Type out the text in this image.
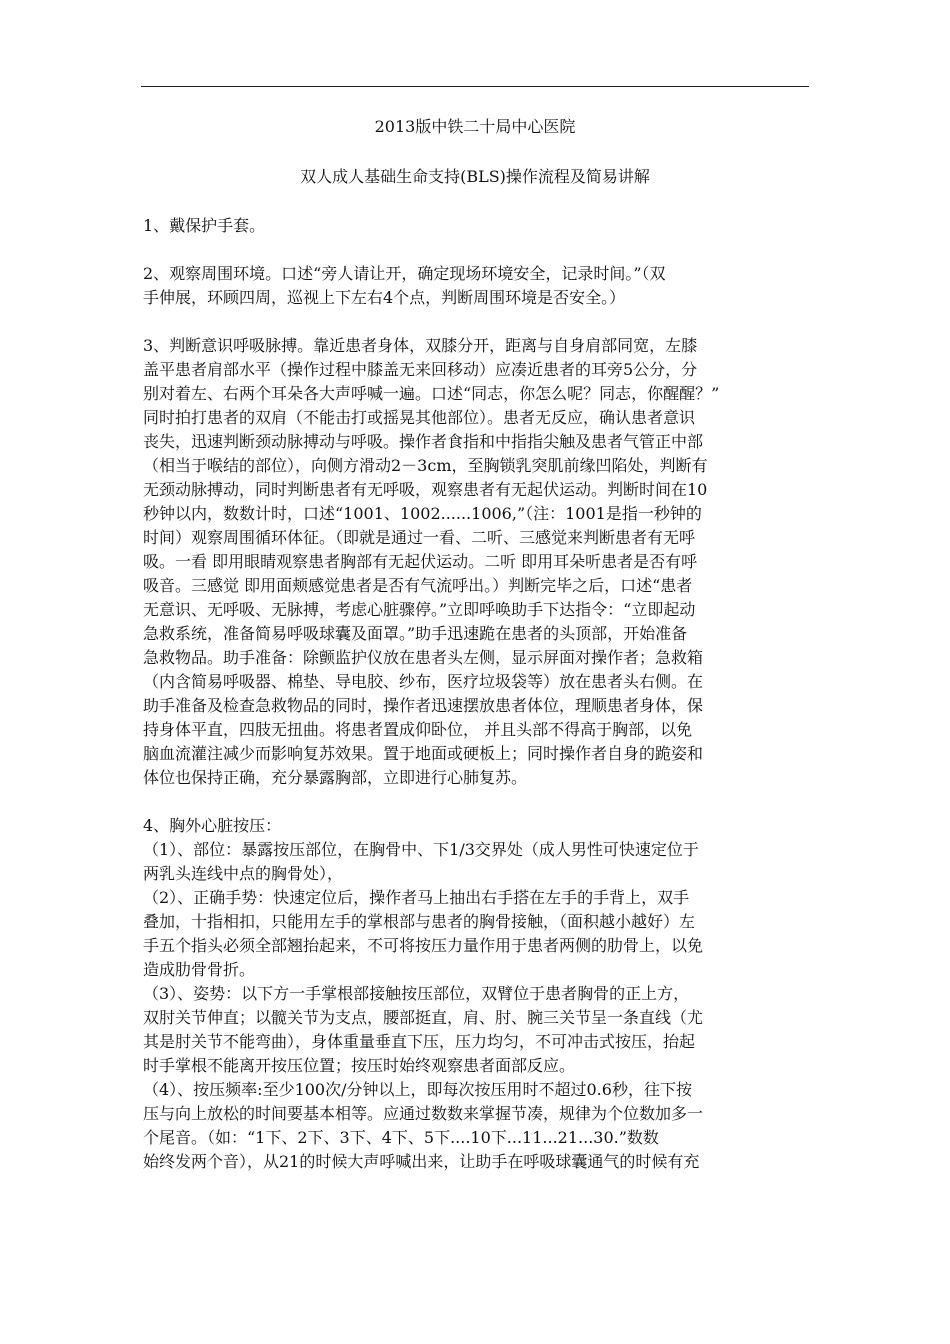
2013版中铁二十局中心医院
双人成人基础生命支持(BLS)操作流程及简易讲解
1、戴保护手套。
2、观察周围环境。口述“旁人请让开，确定现场环境安全，记录时间。”（双
手伸展，环顾四周，巡视上下左右4个点，判断周围环境是否安全。）
3、判断意识呼吸脉搏。靠近患者身体，双膝分开，距离与自身肩部同宽，左膝
盖平患者肩部水平（操作过程中膝盖无来回移动）应凑近患者的耳旁5公分，分
别对着左、右两个耳朵各大声呼喊一遍。口述“同志，你怎么呢？同志，你醒醒？”
同时拍打患者的双肩（不能击打或摇晃其他部位）。患者无反应，确认患者意识
丧失，迅速判断颈动脉搏动与呼吸。操作者食指和中指指尖触及患者气管正中部
（相当于喉结的部位），向侧方滑动2－3cm，至胸锁乳突肌前缘凹陷处，判断有
无颈动脉搏动，同时判断患者有无呼吸，观察患者有无起伏运动。判断时间在10
秒钟以内，数数计时，口述“1001、1002......1006,”（注：1001是指一秒钟的
时间）观察周围循环体征。（即就是通过一看、二听、三感觉来判断患者有无呼
吸。一看 即用眼睛观察患者胸部有无起伏运动。二听 即用耳朵听患者是否有呼
吸音。三感觉 即用面颊感觉患者是否有气流呼出。）判断完毕之后，口述“患者
无意识、无呼吸、无脉搏，考虑心脏骤停。”立即呼唤助手下达指令：“立即起动
急救系统，准备简易呼吸球囊及面罩。”助手迅速跪在患者的头顶部，开始准备
急救物品。助手准备：除颤监护仪放在患者头左侧，显示屏面对操作者；急救箱
（内含简易呼吸器、棉垫、导电胶、纱布，医疗垃圾袋等）放在患者头右侧。在
助手准备及检查急救物品的同时，操作者迅速摆放患者体位，理顺患者身体，保
持身体平直，四肢无扭曲。将患者置成仰卧位， 并且头部不得高于胸部，以免
脑血流灌注减少而影响复苏效果。置于地面或硬板上；同时操作者自身的跪姿和
体位也保持正确，充分暴露胸部，立即进行心肺复苏。
4、胸外心脏按压：
（1）、部位：暴露按压部位，在胸骨中、下1/3交界处（成人男性可快速定位于
两乳头连线中点的胸骨处），
（2）、正确手势：快速定位后，操作者马上抽出右手搭在左手的手背上，双手
叠加，十指相扣，只能用左手的掌根部与患者的胸骨接触，（面积越小越好）左
手五个指头必须全部翘抬起来，不可将按压力量作用于患者两侧的肋骨上，以免
造成肋骨骨折。
（3）、姿势：以下方一手掌根部接触按压部位，双臂位于患者胸骨的正上方，
双肘关节伸直；以髋关节为支点，腰部挺直，肩、肘、腕三关节呈一条直线（尤
其是肘关节不能弯曲），身体重量垂直下压，压力均匀，不可冲击式按压，抬起
时手掌根不能离开按压位置；按压时始终观察患者面部反应。
（4）、按压频率:至少100次/分钟以上，即每次按压用时不超过0.6秒，往下按
压与向上放松的时间要基本相等。应通过数数来掌握节凑，规律为个位数加多一
个尾音。（如：“1下、2下、3下、4下、5下....10下...11...21...30.”数数
始终发两个音），从21的时候大声呼喊出来，让助手在呼吸球囊通气的时候有充
